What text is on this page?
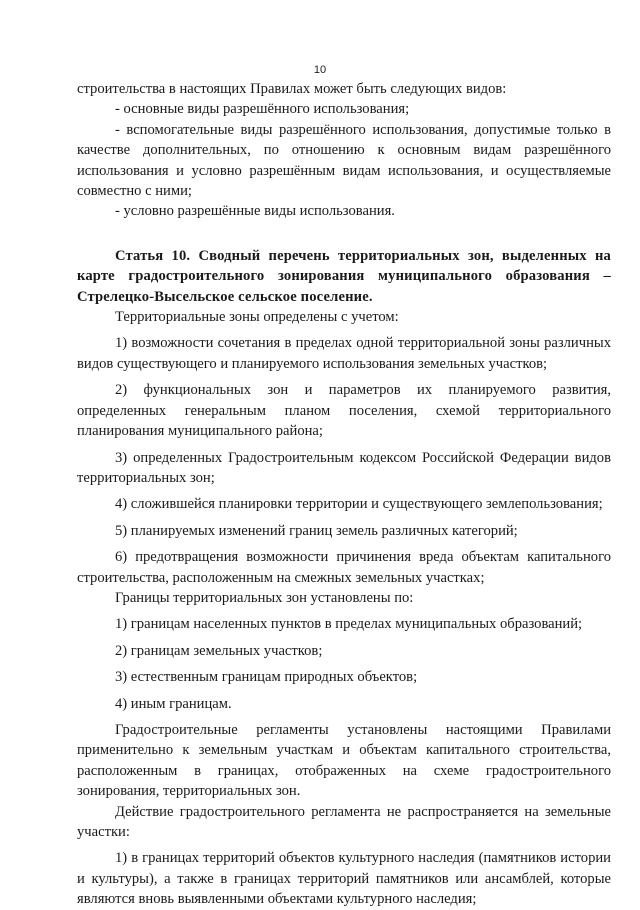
10

строительства в настоящих Правилах может быть следующих видов:

- основные виды разрешённого использования;

- вспомогательные виды разрешённого использования, допустимые только в качестве дополнительных, по отношению к основным видам разрешённого использования и условно разрешённым видам использования, и осуществляемые совместно с ними;

- условно разрешённые виды использования.

Статья 10. Сводный перечень территориальных зон, выделенных на карте градостроительного зонирования муниципального образования – Стрелецко-Высельское сельское поселение.

Территориальные зоны определены с учетом:

1) возможности сочетания в пределах одной территориальной зоны различных видов существующего и планируемого использования земельных участков;

2) функциональных зон и параметров их планируемого развития, определенных генеральным планом поселения, схемой территориального планирования муниципального района;

3) определенных Градостроительным кодексом Российской Федерации видов территориальных зон;

4) сложившейся планировки территории и существующего землепользования;

5) планируемых изменений границ земель различных категорий;

6) предотвращения возможности причинения вреда объектам капитального строительства, расположенным на смежных земельных участках;

Границы территориальных зон установлены по:

1) границам населенных пунктов в пределах муниципальных образований;

2) границам земельных участков;

3) естественным границам природных объектов;

4) иным границам.

Градостроительные регламенты установлены настоящими Правилами применительно к земельным участкам и объектам капитального строительства, расположенным в границах, отображенных на схеме градостроительного зонирования, территориальных зон.

Действие градостроительного регламента не распространяется на земельные участки:

1) в границах территорий объектов культурного наследия (памятников истории и культуры), а также в границах территорий памятников или ансамблей, которые являются вновь выявленными объектами культурного наследия;
